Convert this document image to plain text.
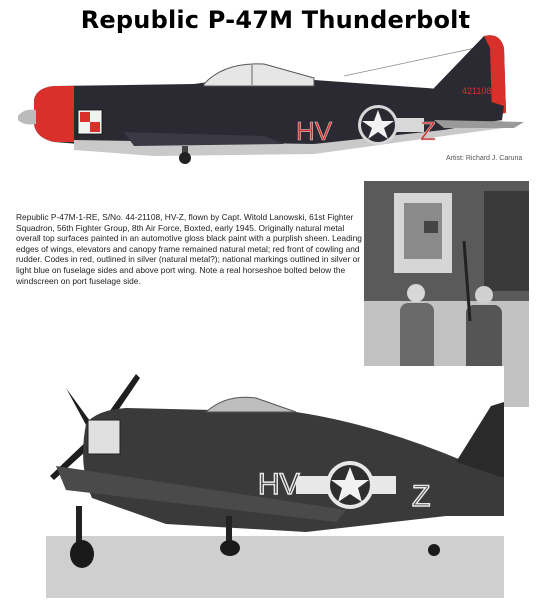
Republic P-47M Thunderbolt
HV	Z
421108
Artist: Richard J. Caruna

Republic P-47M-1-RE, S/No. 44-21108, HV-Z, flown by Capt. Witold Lanowski, 61st Fighter Squadron, 56th Fighter Group, 8th Air Force, Boxted, early 1945. Originally natural metal overall top surfaces painted in an automotive gloss black paint with a purplish sheen. Leading edges of wings, elevators and canopy frame remained natural metal; red front of cowling and rudder. Codes in red, outlined in silver (natural metal?); national markings outlined in silver or light blue on fuselage sides and above port wing. Note a real horseshoe bolted below the windscreen on port fuselage side.

HV	Z
